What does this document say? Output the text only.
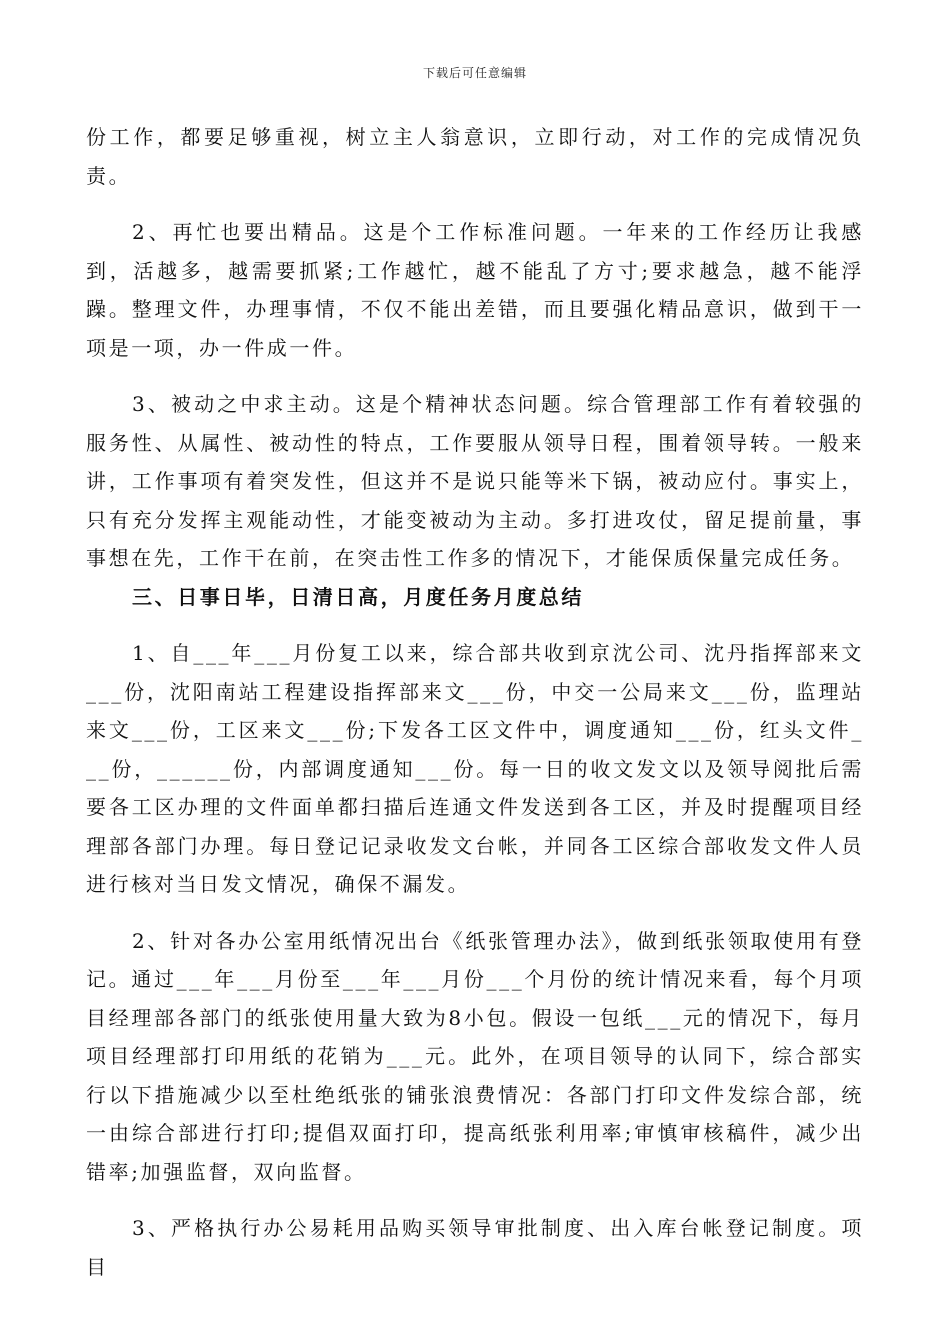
下载后可任意编辑

份工作，都要足够重视，树立主人翁意识，立即行动，对工作的完成情况负责。

2、再忙也要出精品。这是个工作标准问题。一年来的工作经历让我感到，活越多，越需要抓紧;工作越忙，越不能乱了方寸;要求越急，越不能浮躁。整理文件，办理事情，不仅不能出差错，而且要强化精品意识，做到干一项是一项，办一件成一件。

3、被动之中求主动。这是个精神状态问题。综合管理部工作有着较强的服务性、从属性、被动性的特点，工作要服从领导日程，围着领导转。一般来讲，工作事项有着突发性，但这并不是说只能等米下锅，被动应付。事实上，只有充分发挥主观能动性，才能变被动为主动。多打进攻仗，留足提前量，事事想在先，工作干在前，在突击性工作多的情况下，才能保质保量完成任务。

三、日事日毕，日清日高，月度任务月度总结

1、自___年___月份复工以来，综合部共收到京沈公司、沈丹指挥部来文___份，沈阳南站工程建设指挥部来文___份，中交一公局来文___份，监理站来文___份，工区来文___份;下发各工区文件中，调度通知___份，红头文件___份，______份，内部调度通知___份。每一日的收文发文以及领导阅批后需要各工区办理的文件面单都扫描后连通文件发送到各工区，并及时提醒项目经理部各部门办理。每日登记记录收发文台帐，并同各工区综合部收发文件人员进行核对当日发文情况，确保不漏发。

2、针对各办公室用纸情况出台《纸张管理办法》，做到纸张领取使用有登记。通过___年___月份至___年___月份___个月份的统计情况来看，每个月项目经理部各部门的纸张使用量大致为8小包。假设一包纸___元的情况下，每月项目经理部打印用纸的花销为___元。此外，在项目领导的认同下，综合部实行以下措施减少以至杜绝纸张的铺张浪费情况：各部门打印文件发综合部，统一由综合部进行打印;提倡双面打印，提高纸张利用率;审慎审核稿件，减少出错率;加强监督，双向监督。

3、严格执行办公易耗用品购买领导审批制度、出入库台帐登记制度。项目
